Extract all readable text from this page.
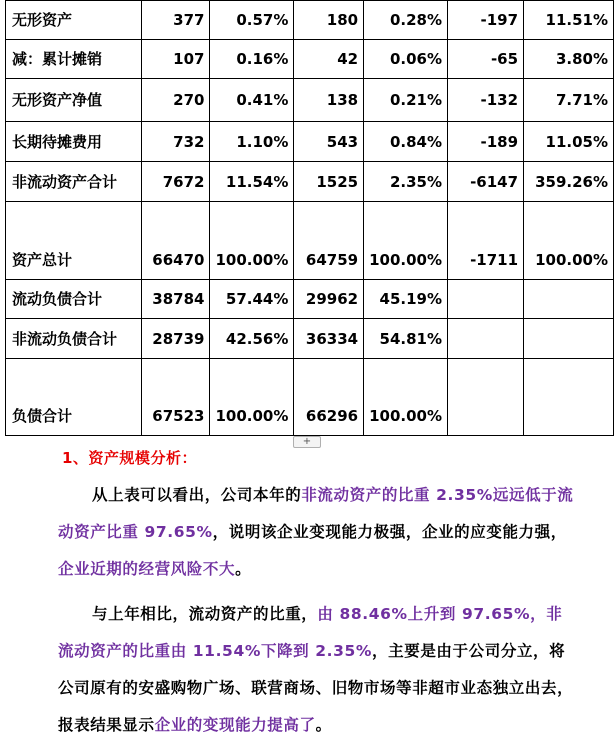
无形资产	377	0.57%	180	0.28%	-197	11.51%
减：累计摊销	107	0.16%	42	0.06%	-65	3.80%
无形资产净值	270	0.41%	138	0.21%	-132	7.71%
长期待摊费用	732	1.10%	543	0.84%	-189	11.05%
非流动资产合计	7672	11.54%	1525	2.35%	-6147	359.26%
资产总计	66470	100.00%	64759	100.00%	-1711	100.00%
流动负债合计	38784	57.44%	29962	45.19%		
非流动负债合计	28739	42.56%	36334	54.81%		
负债合计	67523	100.00%	66296	100.00%		

+
1、资产规模分析：
从上表可以看出，公司本年的非流动资产的比重 2.35%远远低于流动资产比重 97.65%，说明该企业变现能力极强，企业的应变能力强，企业近期的经营风险不大。
与上年相比，流动资产的比重，由 88.46%上升到 97.65%，非流动资产的比重由 11.54%下降到 2.35%，主要是由于公司分立，将公司原有的安盛购物广场、联营商场、旧物市场等非超市业态独立出去，报表结果显示企业的变现能力提高了。
